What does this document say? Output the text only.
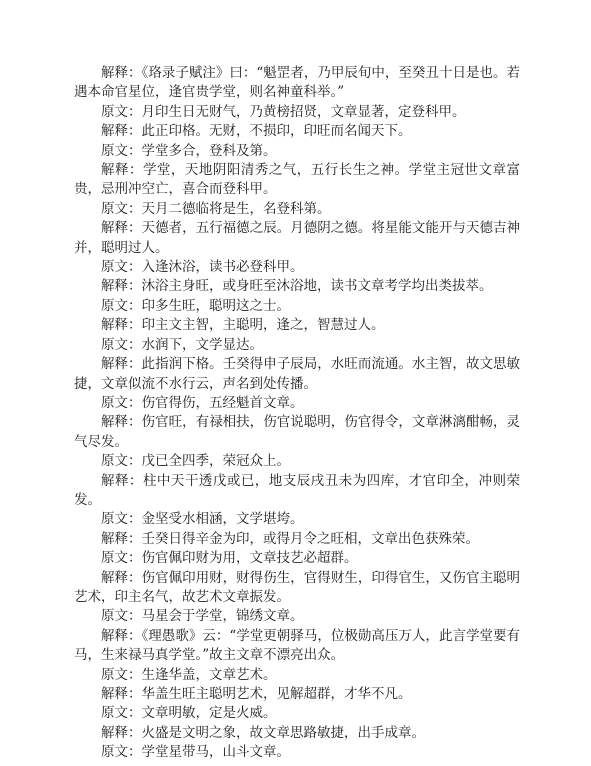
解释：《珞录子赋注》曰：“魁罡者，乃甲辰旬中，至癸丑十日是也。若遇本命官星位，逢官贵学堂，则名神童科举。”

原文：月印生日无财气，乃黄榜招贤，文章显著，定登科甲。

解释：此正印格。无财，不损印，印旺而名闻天下。

原文：学堂多合，登科及第。

解释：学堂，天地阴阳清秀之气，五行长生之神。学堂主冠世文章富贵，忌刑冲空亡，喜合而登科甲。

原文：天月二德临将是生，名登科第。

解释：天德者，五行福德之辰。月德阴之德。将星能文能开与天德吉神并，聪明过人。

原文：入逢沐浴，读书必登科甲。

解释：沐浴主身旺，或身旺至沐浴地，读书文章考学均出类拔萃。

原文：印多生旺，聪明这之士。

解释：印主文主智，主聪明，逢之，智慧过人。

原文：水润下，文学显达。

解释：此指润下格。壬癸得申子辰局，水旺而流通。水主智，故文思敏捷，文章似流不水行云，声名到处传播。

原文：伤官得伤，五经魁首文章。

解释：伤官旺，有禄相扶，伤官说聪明，伤官得令，文章淋漓酣畅，灵气尽发。

原文：戊已全四季，荣冠众上。

解释：柱中天干透戊或已，地支辰戌丑未为四库，才官印全，冲则荣发。

原文：金坚受水相涵，文学堪垮。

解释：壬癸日得辛金为印，或得月令之旺相，文章出色获殊荣。

原文：伤官佩印财为用，文章技艺必超群。

解释：伤官佩印用财，财得伤生，官得财生，印得官生，又伤官主聪明艺术，印主名气，故艺术文章振发。

原文：马星会于学堂，锦绣文章。

解释：《理愚歌》云：“学堂更朝驿马，位极勋高压万人，此言学堂要有马，生来禄马真学堂。”故主文章不漂亮出众。

原文：生逢华盖，文章艺术。

解释：华盖生旺主聪明艺术，见解超群，才华不凡。

原文：文章明敏，定是火威。

解释：火盛是文明之象，故文章思路敏捷，出手成章。

原文：学堂星带马，山斗文章。
